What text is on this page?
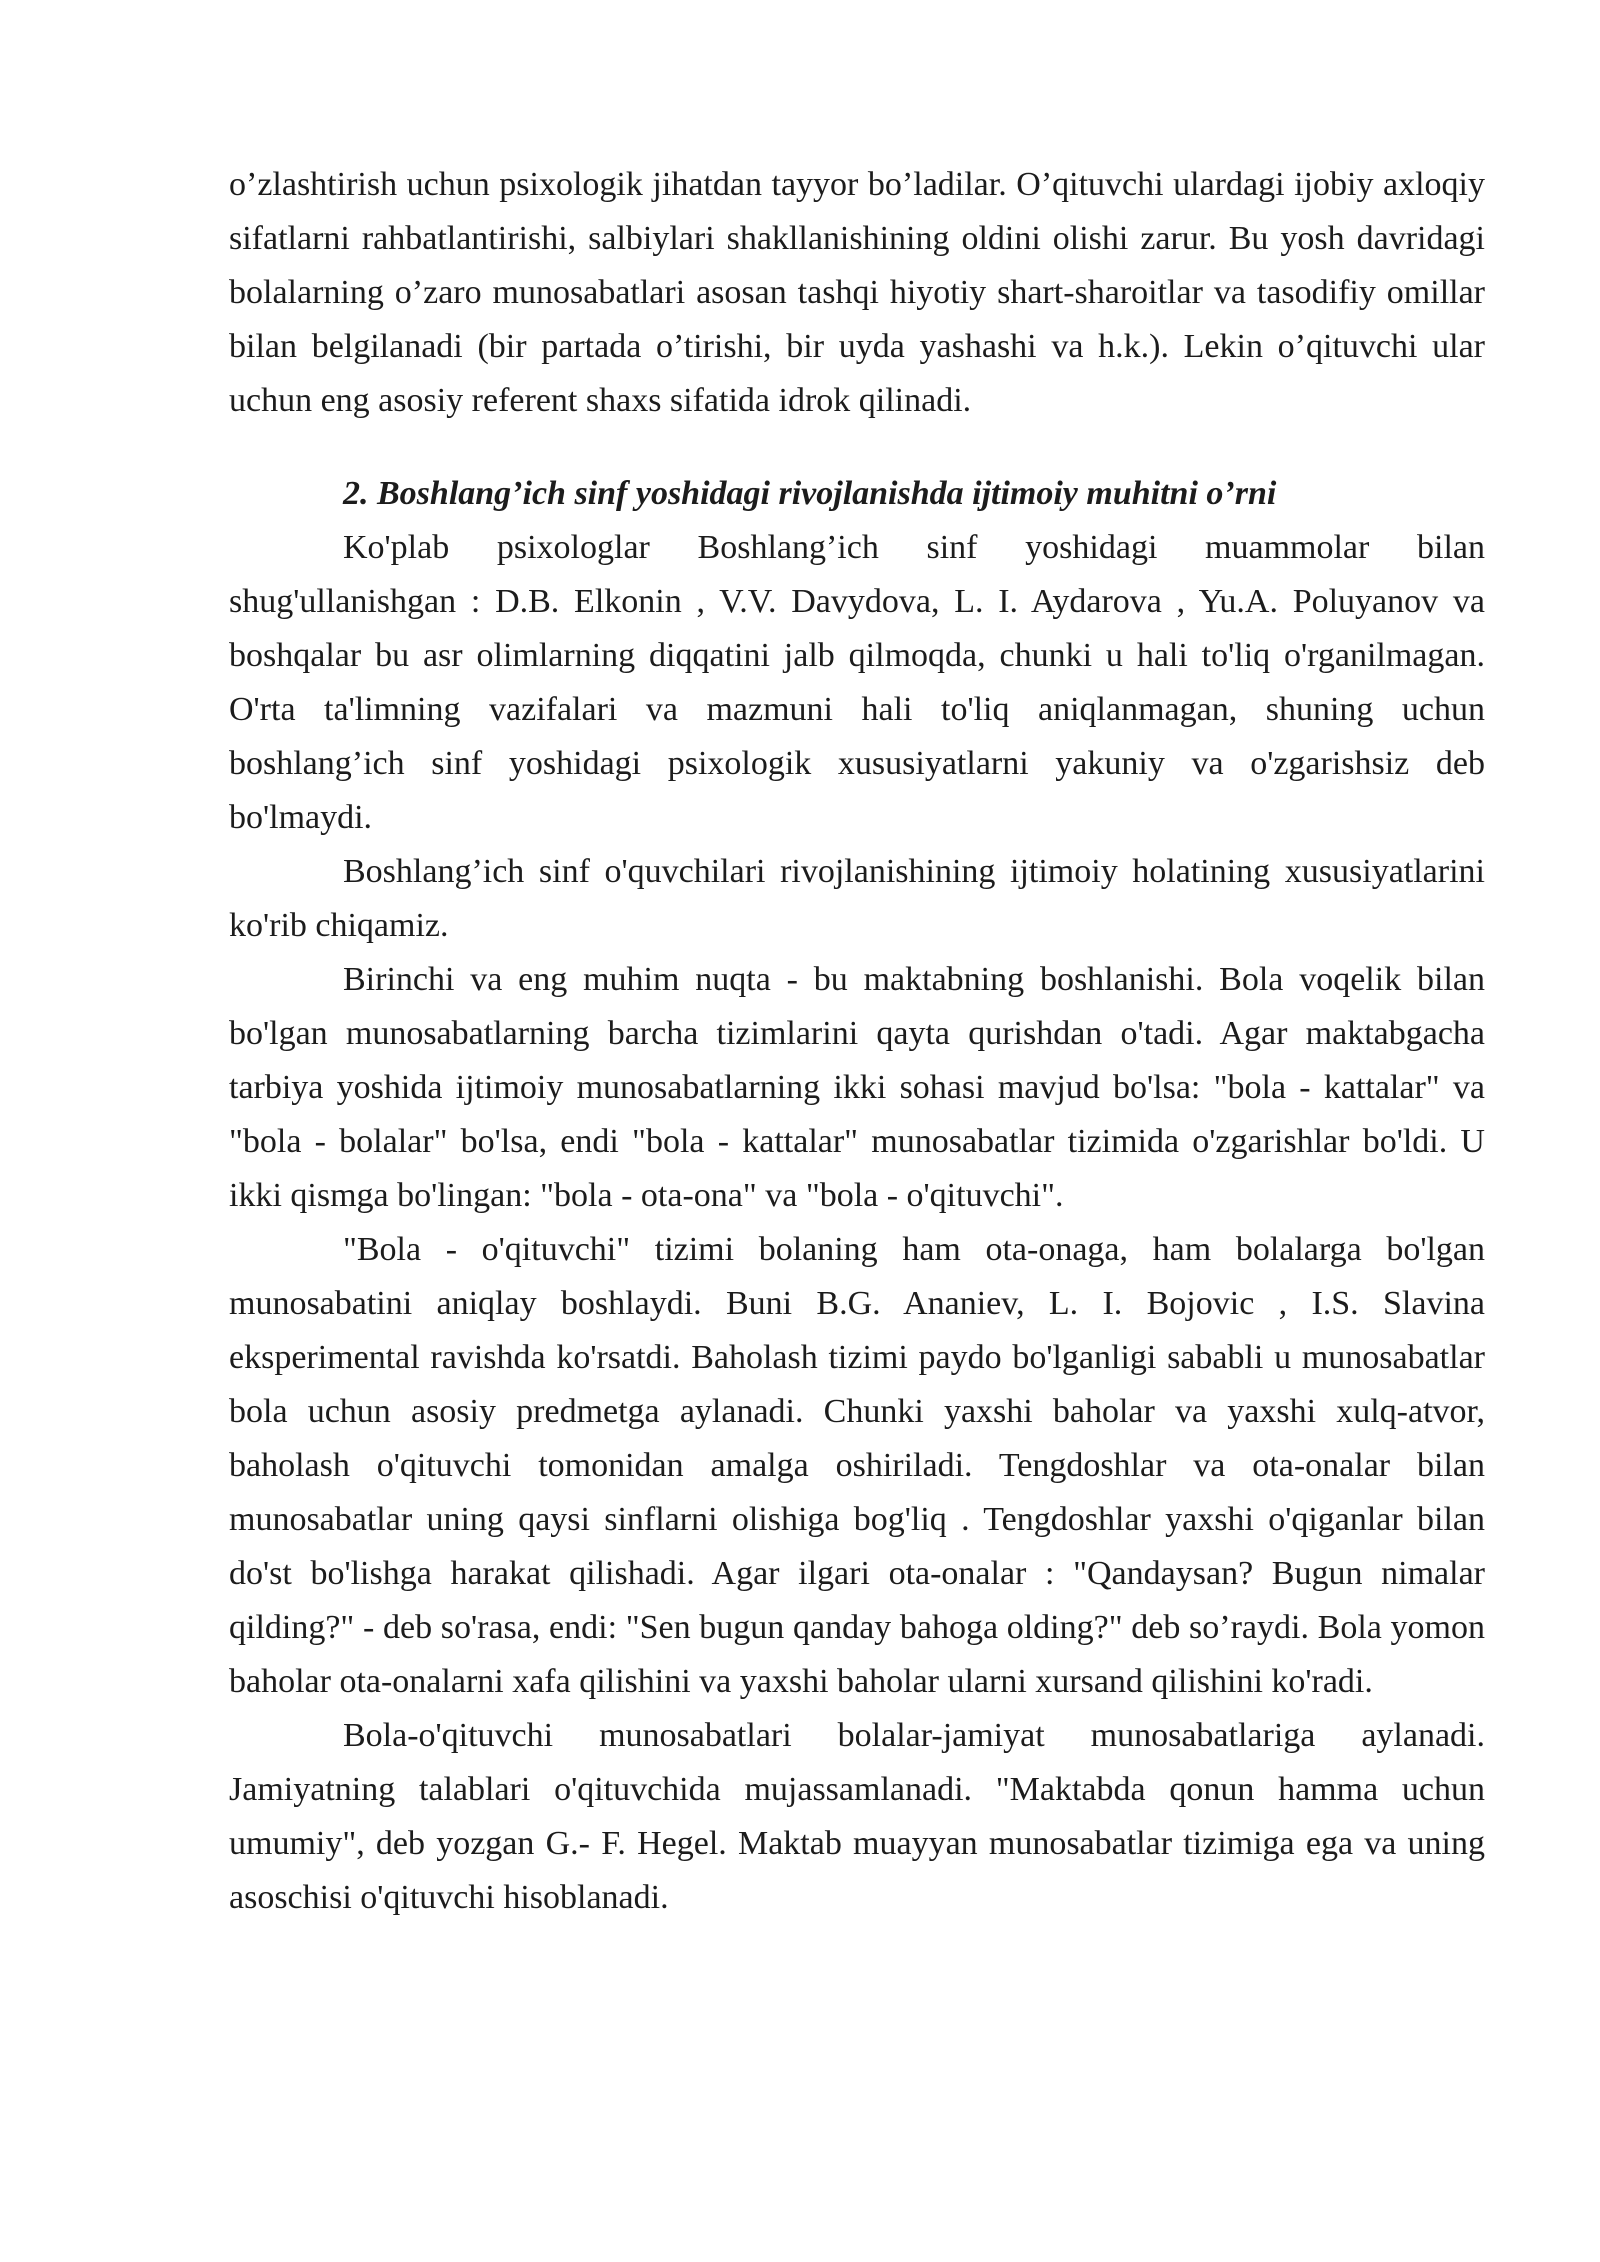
o’zlashtirish uchun psixologik jihatdan tayyor bo’ladilar. O’qituvchi ulardagi ijobiy axloqiy sifatlarni rahbatlantirishi, salbiylari shakllanishining oldini olishi zarur. Bu yosh davridagi bolalarning o’zaro munosabatlari asosan tashqi hiyotiy shart-sharoitlar va tasodifiy omillar bilan belgilanadi (bir partada o’tirishi, bir uyda yashashi va h.k.). Lekin o’qituvchi ular uchun eng asosiy referent shaxs sifatida idrok qilinadi.

2. Boshlang’ich sinf yoshidagi rivojlanishda ijtimoiy muhitni o’rni

Ko'plab psixologlar Boshlang’ich sinf yoshidagi muammolar bilan shug'ullanishgan : D.B. Elkonin , V.V. Davydova, L. I. Aydarova , Yu.A. Poluyanov va boshqalar bu asr olimlarning diqqatini jalb qilmoqda, chunki u hali to'liq o'rganilmagan. O'rta ta'limning vazifalari va mazmuni hali to'liq aniqlanmagan, shuning uchun boshlang’ich sinf yoshidagi psixologik xususiyatlarni yakuniy va o'zgarishsiz deb bo'lmaydi.

Boshlang’ich sinf o'quvchilari rivojlanishining ijtimoiy holatining xususiyatlarini ko'rib chiqamiz.

Birinchi va eng muhim nuqta - bu maktabning boshlanishi. Bola voqelik bilan bo'lgan munosabatlarning barcha tizimlarini qayta qurishdan o'tadi. Agar maktabgacha tarbiya yoshida ijtimoiy munosabatlarning ikki sohasi mavjud bo'lsa: "bola - kattalar" va "bola - bolalar" bo'lsa, endi "bola - kattalar" munosabatlar tizimida o'zgarishlar bo'ldi. U ikki qismga bo'lingan: "bola - ota-ona" va "bola - o'qituvchi".

"Bola - o'qituvchi" tizimi bolaning ham ota-onaga, ham bolalarga bo'lgan munosabatini aniqlay boshlaydi. Buni B.G. Ananiev, L. I. Bojovic , I.S. Slavina eksperimental ravishda ko'rsatdi. Baholash tizimi paydo bo'lganligi sababli u munosabatlar bola uchun asosiy predmetga aylanadi. Chunki yaxshi baholar va yaxshi xulq-atvor, baholash o'qituvchi tomonidan amalga oshiriladi. Tengdoshlar va ota-onalar bilan munosabatlar uning qaysi sinflarni olishiga bog'liq . Tengdoshlar yaxshi o'qiganlar bilan do'st bo'lishga harakat qilishadi. Agar ilgari ota-onalar : "Qandaysan? Bugun nimalar qilding?" - deb so'rasa, endi: "Sen bugun qanday bahoga olding?" deb so’raydi. Bola yomon baholar ota-onalarni xafa qilishini va yaxshi baholar ularni xursand qilishini ko'radi.

Bola-o'qituvchi munosabatlari bolalar-jamiyat munosabatlariga aylanadi. Jamiyatning talablari o'qituvchida mujassamlanadi. "Maktabda qonun hamma uchun umumiy", deb yozgan G.- F. Hegel. Maktab muayyan munosabatlar tizimiga ega va uning asoschisi o'qituvchi hisoblanadi.
